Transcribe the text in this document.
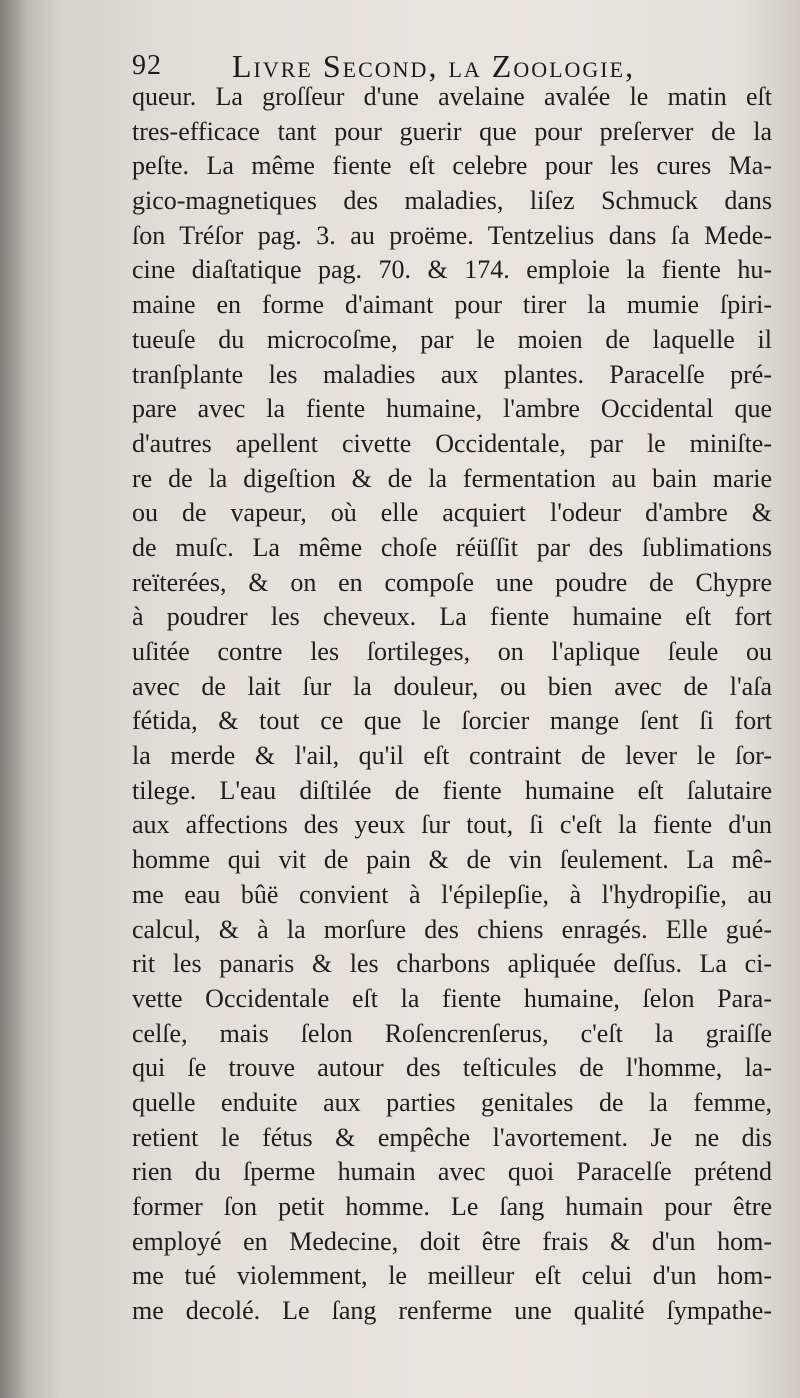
92 Livre Second, la Zoologie,
queur. La groſſeur d'une avelaine avalée le matin eſt
tres-efficace tant pour guerir que pour preſerver de la
peſte. La même fiente eſt celebre pour les cures Ma-
gico-magnetiques des maladies, liſez Schmuck dans
ſon Tréſor pag. 3. au proëme. Tentzelius dans ſa Mede-
cine diaſtatique pag. 70. & 174. emploie la fiente hu-
maine en forme d'aimant pour tirer la mumie ſpiri-
tueuſe du microcoſme, par le moien de laquelle il
tranſplante les maladies aux plantes. Paracelſe pré-
pare avec la fiente humaine, l'ambre Occidental que
d'autres apellent civette Occidentale, par le miniſte-
re de la digeſtion & de la fermentation au bain marie
ou de vapeur, où elle acquiert l'odeur d'ambre &
de muſc. La même choſe réüſſit par des ſublimations
reïterées, & on en compoſe une poudre de Chypre
à poudrer les cheveux. La fiente humaine eſt fort
uſitée contre les ſortileges, on l'aplique ſeule ou
avec de lait ſur la douleur, ou bien avec de l'aſa
fétida, & tout ce que le ſorcier mange ſent ſi fort
la merde & l'ail, qu'il eſt contraint de lever le ſor-
tilege. L'eau diſtilée de fiente humaine eſt ſalutaire
aux affections des yeux ſur tout, ſi c'eſt la fiente d'un
homme qui vit de pain & de vin ſeulement. La mê-
me eau bûë convient à l'épilepſie, à l'hydropiſie, au
calcul, & à la morſure des chiens enragés. Elle gué-
rit les panaris & les charbons apliquée deſſus. La ci-
vette Occidentale eſt la fiente humaine, ſelon Para-
celſe, mais ſelon Roſencrenſerus, c'eſt la graiſſe
qui ſe trouve autour des teſticules de l'homme, la-
quelle enduite aux parties genitales de la femme,
retient le fétus & empêche l'avortement. Je ne dis
rien du ſperme humain avec quoi Paracelſe prétend
former ſon petit homme. Le ſang humain pour être
employé en Medecine, doit être frais & d'un hom-
me tué violemment, le meilleur eſt celui d'un hom-
me decolé. Le ſang renferme une qualité ſympathe-
